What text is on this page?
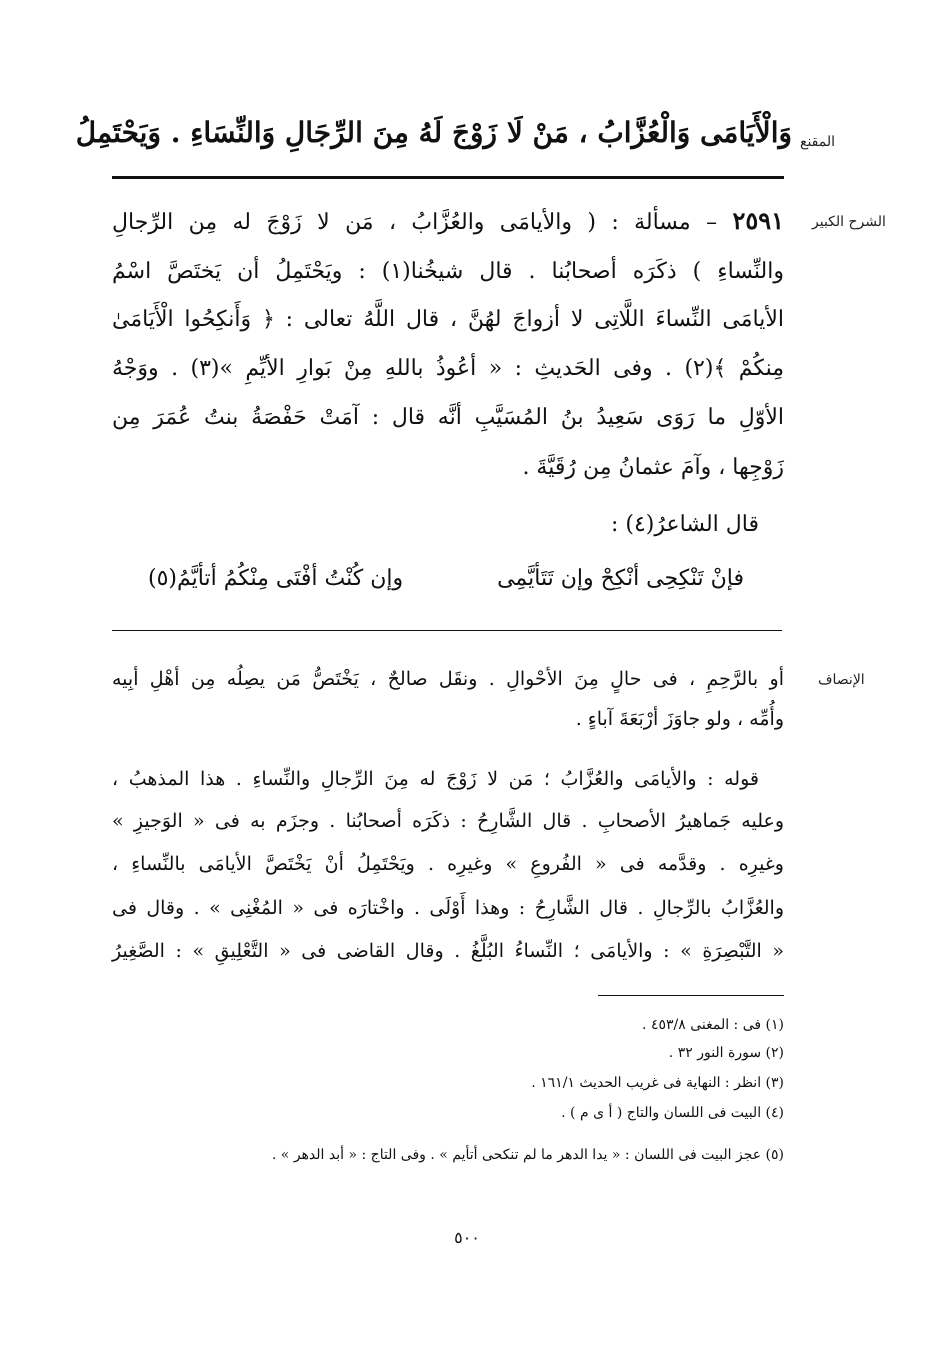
المقنع
وَالْأَيَامَى وَالْعُزَّابُ ، مَنْ لَا زَوْجَ لَهُ مِنَ الرِّجَالِ وَالنِّسَاءِ . وَيَحْتَمِلُ
الشرح الكبير
٢٥٩١ – مسألة : ( والأيامَى والعُزَّابُ ، مَن لا زَوْجَ له مِن الرِّجالِ
والنِّساءِ ) ذكَرَه أصحابُنا . قال شيخُنا(١) : ويَحْتَمِلُ أن يَختَصَّ اسْمُ
الأيامَى النِّساءَ اللَّاتِى لا أزواجَ لهُنَّ ، قال اللَّهُ تعالى : ﴿ وَأَنكِحُوا الْأَيَامَىٰ
مِنكُمْ ﴾(٢) . وفى الحَديثِ : « أعُوذُ باللهِ مِنْ بَوارِ الأيِّمِ »(٣) . ووَجْهُ
الأوّلِ ما رَوَى سَعِيدُ بنُ المُسَيَّبِ أنَّه قال : آمَتْ حَفْصَةُ بنتُ عُمَرَ مِن
زَوْجِها ، وآمَ عثمانُ مِن رُقَيَّةَ .
قال الشاعرُ(٤) :
فإنْ تَنْكِحِى أنْكِحْ وإن تَتَأيَّمِى
وإن كُنْتُ أفْتَى مِنْكُمُ أتأيَّمُ(٥)
الإنصاف
أو بالرَّحِمِ ، فى حالٍ مِنَ الأحْوالِ . ونقَل صالحٌ ، يَخْتَصُّ مَن يصِلُه مِن أهْلِ أبِيه
وأُمِّه ، ولو جاوَزَ أرْبَعَةَ آباءٍ .
قوله : والأيامَى والعُزَّابُ ؛ مَن لا زَوْجَ له مِنَ الرِّجالِ والنِّساءِ . هذا المذهبُ ،
وعليه جَماهيرُ الأصحابِ . قال الشَّارِحُ : ذكَرَه أصحابُنا . وجزَم به فى « الوَجيزِ »
وغيرِه . وقدَّمه فى « الفُروعِ » وغيرِه . ويَحْتَمِلُ أنْ يَخْتَصَّ الأيامَى بالنِّساءِ ،
والعُزَّابُ بالرِّجالِ . قال الشَّارِحُ : وهذا أَوْلَى . واخْتارَه فى « المُغْنِى » . وقال فى
« التَّبْصِرَةِ » : والأيامَى ؛ النِّساءُ البُلَّغُ . وقال القاضى فى « التَّعْلِيقِ » : الصَّغِيرُ
(١) فى : المغنى ٤٥٣/٨ .
(٢) سورة النور ٣٢ .
(٣) انظر : النهاية فى غريب الحديث ١٦١/١ .
(٤) البيت فى اللسان والتاج ( أ ى م ) .
(٥) عجز البيت فى اللسان : « يدا الدهر ما لم تنكحى أتأيم » . وفى التاج : « أبد الدهر » .
٥٠٠
